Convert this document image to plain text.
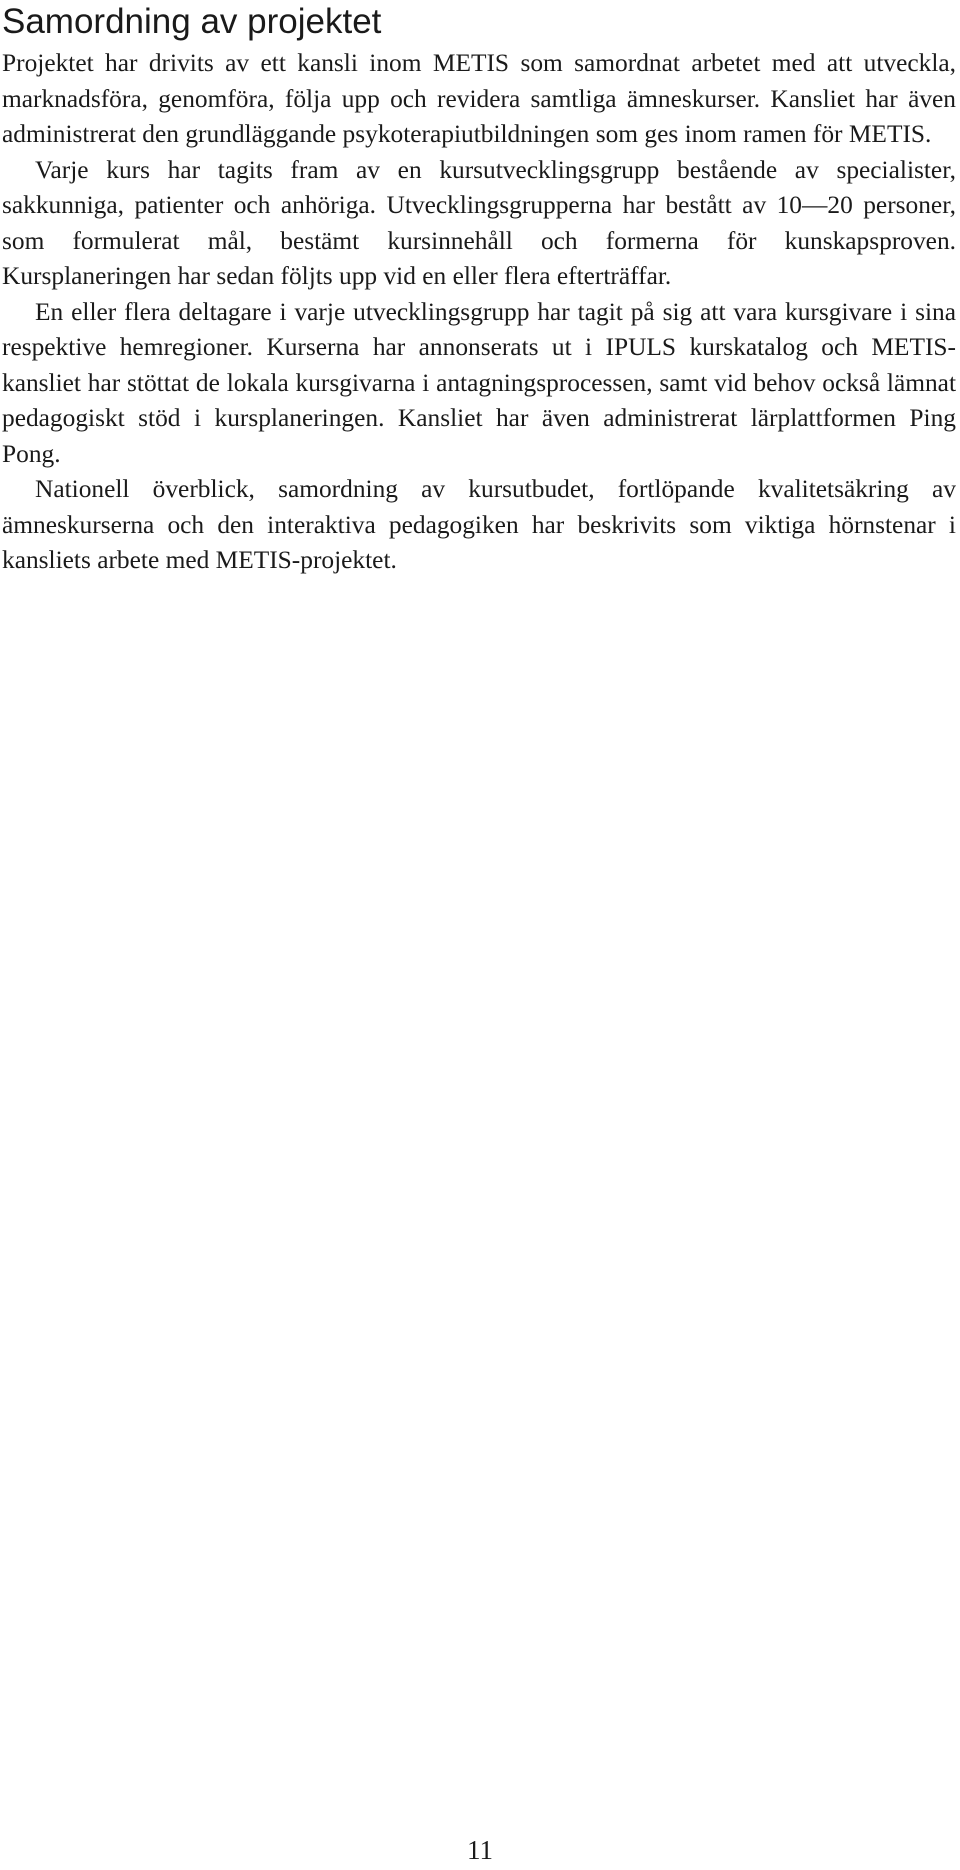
Samordning av projektet

Projektet har drivits av ett kansli inom METIS som samordnat arbetet med att utveckla, marknadsföra, genomföra, följa upp och revidera samtliga ämneskurser. Kansliet har även administrerat den grundläggande psykoterapiutbildningen som ges inom ramen för METIS.

Varje kurs har tagits fram av en kursutvecklingsgrupp bestående av specialister, sakkunniga, patienter och anhöriga. Utvecklingsgrupperna har bestått av 10—20 personer, som formulerat mål, bestämt kursinnehåll och formerna för kunskapsproven. Kursplaneringen har sedan följts upp vid en eller flera efterträffar.

En eller flera deltagare i varje utvecklingsgrupp har tagit på sig att vara kursgivare i sina respektive hemregioner. Kurserna har annonserats ut i IPULS kurskatalog och METIS-kansliet har stöttat de lokala kursgivarna i antagningsprocessen, samt vid behov också lämnat pedagogiskt stöd i kursplaneringen. Kansliet har även administrerat lärplattformen Ping Pong.

Nationell överblick, samordning av kursutbudet, fortlöpande kvalitetsäkring av ämneskurserna och den interaktiva pedagogiken har beskrivits som viktiga hörnstenar i kansliets arbete med METIS-projektet.

11
